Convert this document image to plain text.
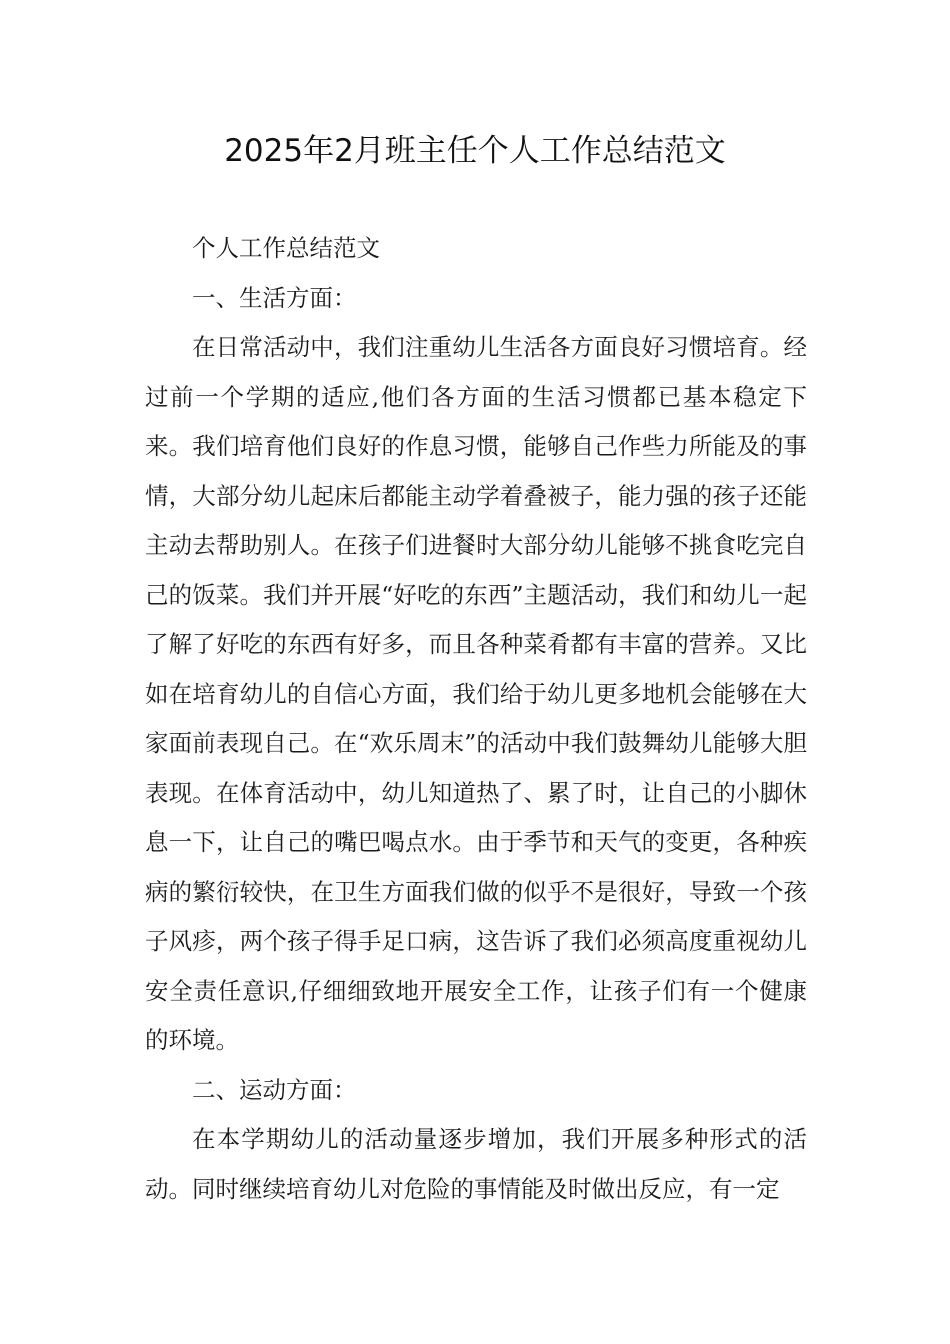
2025年2月班主任个人工作总结范文

个人工作总结范文

一、生活方面：

在日常活动中，我们注重幼儿生活各方面良好习惯培育。经过前一个学期的适应,他们各方面的生活习惯都已基本稳定下来。我们培育他们良好的作息习惯，能够自己作些力所能及的事情，大部分幼儿起床后都能主动学着叠被子，能力强的孩子还能主动去帮助别人。在孩子们进餐时大部分幼儿能够不挑食吃完自己的饭菜。我们并开展“好吃的东西”主题活动，我们和幼儿一起了解了好吃的东西有好多，而且各种菜肴都有丰富的营养。又比如在培育幼儿的自信心方面，我们给于幼儿更多地机会能够在大家面前表现自己。在“欢乐周末”的活动中我们鼓舞幼儿能够大胆表现。在体育活动中，幼儿知道热了、累了时，让自己的小脚休息一下，让自己的嘴巴喝点水。由于季节和天气的变更，各种疾病的繁衍较快，在卫生方面我们做的似乎不是很好，导致一个孩子风疹，两个孩子得手足口病，这告诉了我们必须高度重视幼儿安全责任意识,仔细细致地开展安全工作，让孩子们有一个健康的环境。

二、运动方面：

在本学期幼儿的活动量逐步增加，我们开展多种形式的活动。同时继续培育幼儿对危险的事情能及时做出反应，有一定
